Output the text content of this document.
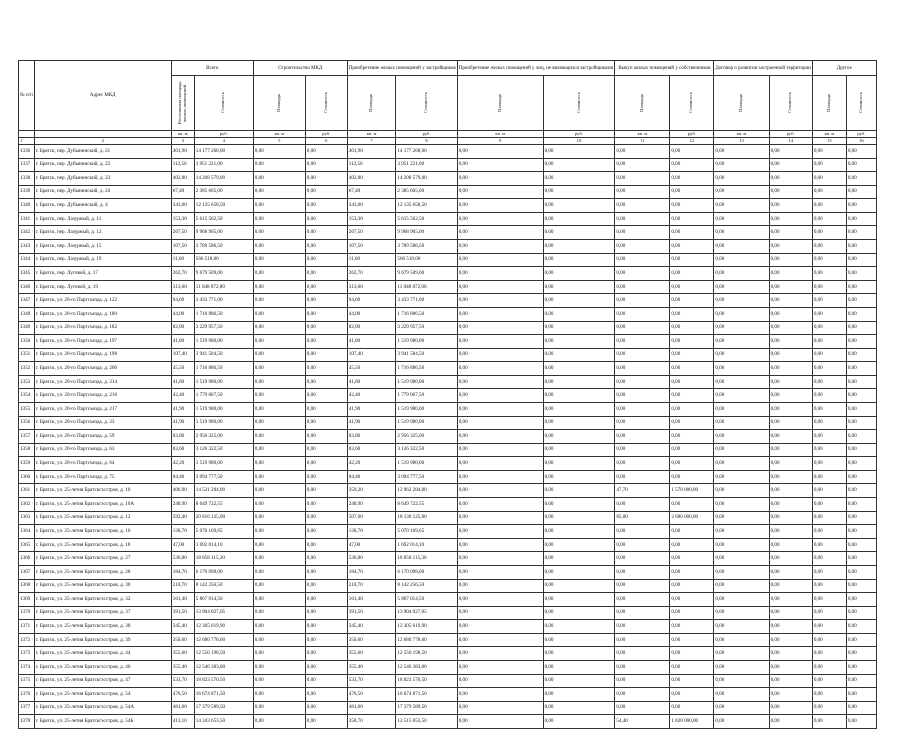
№ п/п	Адрес МКД	Всего		Строительство МКД		Приобретение жилых помещений у застройщиков		Приобретение жилых помещений у лиц, не являющихся застройщиками		Выкуп жилых помещений у собственников		Договор о развитии застроенной территории		Другое	

		Расселяемая площадь жилых помещений	Стоимость	Площадь	Стоимость	Площадь	Стоимость	Площадь	Стоимость	Площадь	Стоимость	Площадь	Стоимость	Площадь	Стоимость

		кв. м	руб.	кв. м	руб.	кв. м	руб.	кв. м	руб.	кв. м	руб.	кв. м	руб.	кв. м	руб.
1	2	3	4	5	6	7	8	9	10	11	12	13	14	15	16
1336	г. Братск, пер. Дубынинский, д. 21	401,90	14 177 268,00	0,00	0,00	401,90	14 177 268,00	0,00	0,00	0,00	0,00	0,00	0,00	0,00	0,00
1337	г. Братск, пер. Дубынинский, д. 22	112,50	3 951 221,00	0,00	0,00	112,50	3 951 221,00	0,00	0,00	0,00	0,00	0,00	0,00	0,00	0,00
1338	г. Братск, пер. Дубынинский, д. 23	402,80	14 208 579,00	0,00	0,00	402,80	14 208 579,00	0,00	0,00	0,00	0,00	0,00	0,00	0,00	0,00
1339	г. Братск, пер. Дубынинский, д. 24	67,40	2 385 605,00	0,00	0,00	67,40	2 385 605,00	0,00	0,00	0,00	0,00	0,00	0,00	0,00	0,00
1340	г. Братск, пер. Дубынинский, д. 4	343,00	12 135 658,50	0,00	0,00	343,00	12 135 658,50	0,00	0,00	0,00	0,00	0,00	0,00	0,00	0,00
1341	г. Братск, пер. Лазурный, д. 11	153,30	5 615 562,50	0,00	0,00	153,30	5 615 562,50	0,00	0,00	0,00	0,00	0,00	0,00	0,00	0,00
1342	г. Братск, пер. Лазурный, д. 12	267,50	9 968 965,00	0,00	0,00	267,50	9 968 965,00	0,00	0,00	0,00	0,00	0,00	0,00	0,00	0,00
1343	г. Братск, пер. Лазурный, д. 15	107,50	3 789 586,50	0,00	0,00	107,50	3 789 586,50	0,00	0,00	0,00	0,00	0,00	0,00	0,00	0,00
1344	г. Братск, пер. Лазурный, д. 19	11,60	566 518,00	0,00	0,00	11,60	566 518,00	0,00	0,00	0,00	0,00	0,00	0,00	0,00	0,00
1345	г. Братск, пер. Луговой, д. 17	262,70	9 679 509,00	0,00	0,00	262,70	9 679 509,00	0,00	0,00	0,00	0,00	0,00	0,00	0,00	0,00
1346	г. Братск, пер. Луговой, д. 19	313,60	11 048 872,80	0,00	0,00	313,60	11 048 872,80	0,00	0,00	0,00	0,00	0,00	0,00	0,00	0,00
1347	г. Братск, ул. 20-го Партсъезда, д. 122	94,60	3 433 771,00	0,00	0,00	94,60	3 433 771,00	0,00	0,00	0,00	0,00	0,00	0,00	0,00	0,00
1348	г. Братск, ул. 20-го Партсъезда, д. 180	44,00	1 716 886,50	0,00	0,00	44,00	1 716 886,50	0,00	0,00	0,00	0,00	0,00	0,00	0,00	0,00
1349	г. Братск, ул. 20-го Партсъезда, д. 182	82,80	3 229 957,50	0,00	0,00	82,80	3 229 957,50	0,00	0,00	0,00	0,00	0,00	0,00	0,00	0,00
1350	г. Братск, ул. 20-го Партсъезда, д. 197	41,80	1 519 980,00	0,00	0,00	41,80	1 519 980,00	0,00	0,00	0,00	0,00	0,00	0,00	0,00	0,00
1351	г. Братск, ул. 20-го Партсъезда, д. 198	107,40	3 941 584,50	0,00	0,00	107,40	3 941 584,50	0,00	0,00	0,00	0,00	0,00	0,00	0,00	0,00
1352	г. Братск, ул. 20-го Партсъезда, д. 200	45,50	1 716 886,50	0,00	0,00	45,50	1 716 886,50	0,00	0,00	0,00	0,00	0,00	0,00	0,00	0,00
1353	г. Братск, ул. 20-го Партсъезда, д. 214	41,60	1 519 980,00	0,00	0,00	41,60	1 519 980,00	0,00	0,00	0,00	0,00	0,00	0,00	0,00	0,00
1354	г. Братск, ул. 20-го Партсъезда, д. 216	42,40	1 779 067,50	0,00	0,00	42,40	1 779 067,50	0,00	0,00	0,00	0,00	0,00	0,00	0,00	0,00
1355	г. Братск, ул. 20-го Партсъезда, д. 217	41,90	1 519 980,00	0,00	0,00	41,90	1 519 980,00	0,00	0,00	0,00	0,00	0,00	0,00	0,00	0,00
1356	г. Братск, ул. 20-го Партсъезда, д. 23	41,90	1 519 980,00	0,00	0,00	41,90	1 519 980,00	0,00	0,00	0,00	0,00	0,00	0,00	0,00	0,00
1357	г. Братск, ул. 20-го Партсъезда, д. 59	83,80	2 956 325,00	0,00	0,00	83,80	2 956 325,00	0,00	0,00	0,00	0,00	0,00	0,00	0,00	0,00
1358	г. Братск, ул. 20-го Партсъезда, д. 63	82,60	3 126 322,50	0,00	0,00	82,60	3 126 322,50	0,00	0,00	0,00	0,00	0,00	0,00	0,00	0,00
1359	г. Братск, ул. 20-го Партсъезда, д. 64	42,20	1 519 980,00	0,00	0,00	42,20	1 519 980,00	0,00	0,00	0,00	0,00	0,00	0,00	0,00	0,00
1360	г. Братск, ул. 20-го Партсъезда, д. 75	84,40	3 094 777,50	0,00	0,00	84,40	3 094 777,50	0,00	0,00	0,00	0,00	0,00	0,00	0,00	0,00
1361	г. Братск, ул. 25-летия Братскгэсстроя, д. 10	406,90	14 531 284,00	0,00	0,00	359,20	12 962 284,00	0,00	0,00	47,70	1 570 000,00	0,00	0,00	0,00	0,00
1362	г. Братск, ул. 25-летия Братскгэсстроя, д. 10А	248,90	8 649 722,55	0,00	0,00	248,90	8 649 722,55	0,00	0,00	0,00	0,00	0,00	0,00	0,00	0,00
1363	г. Братск, ул. 25-летия Братскгэсстроя, д. 12	592,40	20 816 125,00	0,00	0,00	507,00	18 136 125,00	0,00	0,00	85,00	2 680 000,00	0,00	0,00	0,00	0,00
1364	г. Братск, ул. 25-летия Братскгэсстроя, д. 16	138,70	5 070 169,65	0,00	0,00	138,70	5 070 169,65	0,00	0,00	0,00	0,00	0,00	0,00	0,00	0,00
1365	г. Братск, ул. 25-летия Братскгэсстроя, д. 18	47,00	1 692 014,10	0,00	0,00	47,00	1 692 014,10	0,00	0,00	0,00	0,00	0,00	0,00	0,00	0,00
1366	г. Братск, ул. 25-летия Братскгэсстроя, д. 27	536,80	18 858 115,30	0,00	0,00	536,80	18 858 115,30	0,00	0,00	0,00	0,00	0,00	0,00	0,00	0,00
1367	г. Братск, ул. 25-летия Братскгэсстроя, д. 28	184,70	6 170 098,00	0,00	0,00	184,70	6 170 098,00	0,00	0,00	0,00	0,00	0,00	0,00	0,00	0,00
1368	г. Братск, ул. 25-летия Братскгэсстроя, д. 30	210,70	8 142 256,50	0,00	0,00	210,70	8 142 256,50	0,00	0,00	0,00	0,00	0,00	0,00	0,00	0,00
1369	г. Братск, ул. 25-летия Братскгэсстроя, д. 32	161,40	5 867 014,50	0,00	0,00	161,40	5 867 014,50	0,00	0,00	0,00	0,00	0,00	0,00	0,00	0,00
1370	г. Братск, ул. 25-летия Братскгэсстроя, д. 37	391,50	13 904 027,05	0,00	0,00	391,50	13 904 027,05	0,00	0,00	0,00	0,00	0,00	0,00	0,00	0,00
1371	г. Братск, ул. 25-летия Братскгэсстроя, д. 38	345,40	12 305 619,90	0,00	0,00	345,40	12 305 619,90	0,00	0,00	0,00	0,00	0,00	0,00	0,00	0,00
1372	г. Братск, ул. 25-летия Братскгэсстроя, д. 39	350,60	12 680 778,60	0,00	0,00	350,60	12 680 778,60	0,00	0,00	0,00	0,00	0,00	0,00	0,00	0,00
1373	г. Братск, ул. 25-летия Братскгэсстроя, д. 44	355,60	12 550 198,50	0,00	0,00	355,60	12 550 198,50	0,00	0,00	0,00	0,00	0,00	0,00	0,00	0,00
1374	г. Братск, ул. 25-летия Братскгэсстроя, д. 46	355,40	12 546 383,00	0,00	0,00	355,40	12 546 383,00	0,00	0,00	0,00	0,00	0,00	0,00	0,00	0,00
1375	г. Братск, ул. 25-летия Братскгэсстроя, д. 47	533,70	18 823 570,50	0,00	0,00	533,70	18 823 570,50	0,00	0,00	0,00	0,00	0,00	0,00	0,00	0,00
1376	г. Братск, ул. 25-летия Братскгэсстроя, д. 54	476,50	16 674 871,50	0,00	0,00	476,50	16 674 871,50	0,00	0,00	0,00	0,00	0,00	0,00	0,00	0,00
1377	г. Братск, ул. 25-летия Братскгэсстроя, д. 54А	481,60	17 379 589,50	0,00	0,00	481,60	17 379 589,50	0,00	0,00	0,00	0,00	0,00	0,00	0,00	0,00
1378	г. Братск, ул. 25-летия Братскгэсстроя, д. 54Б	413,10	14 343 653,50	0,00	0,00	358,70	12 515 653,50	0,00	0,00	54,40	1 828 000,00	0,00	0,00	0,00	0,00
